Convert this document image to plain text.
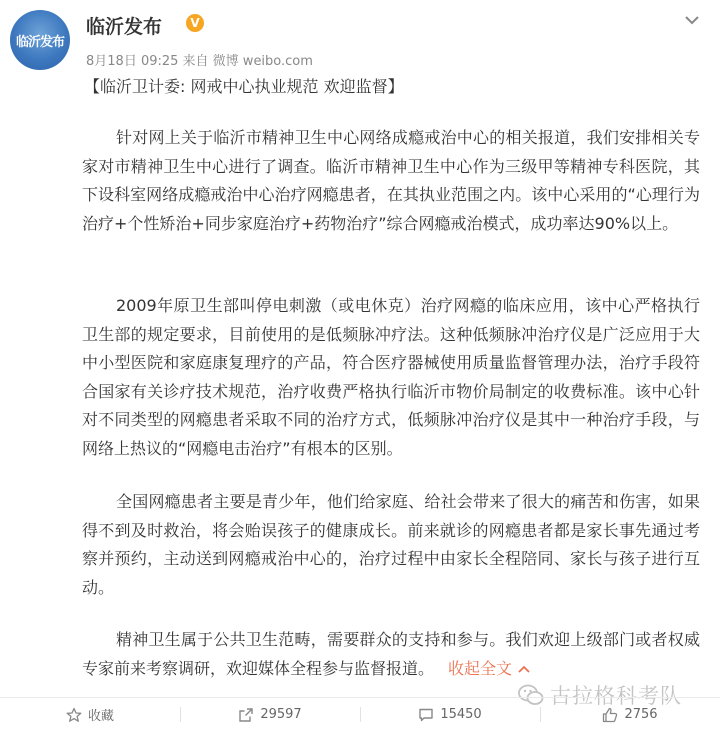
临沂发布
临沂发布	V
8月18日 09:25 来自 微博 weibo.com
【临沂卫计委: 网戒中心执业规范 欢迎监督】

针对网上关于临沂市精神卫生中心网络成瘾戒治中心的相关报道，我们安排相关专家对市精神卫生中心进行了调查。临沂市精神卫生中心作为三级甲等精神专科医院，其下设科室网络成瘾戒治中心治疗网瘾患者，在其执业范围之内。该中心采用的“心理行为治疗+个性矫治+同步家庭治疗+药物治疗”综合网瘾戒治模式，成功率达90%以上。

2009年原卫生部叫停电刺激（或电休克）治疗网瘾的临床应用，该中心严格执行卫生部的规定要求，目前使用的是低频脉冲疗法。这种低频脉冲治疗仪是广泛应用于大中小型医院和家庭康复理疗的产品，符合医疗器械使用质量监督管理办法，治疗手段符合国家有关诊疗技术规范，治疗收费严格执行临沂市物价局制定的收费标准。该中心针对不同类型的网瘾患者采取不同的治疗方式，低频脉冲治疗仪是其中一种治疗手段，与网络上热议的“网瘾电击治疗”有根本的区别。

全国网瘾患者主要是青少年，他们给家庭、给社会带来了很大的痛苦和伤害，如果得不到及时救治，将会贻误孩子的健康成长。前来就诊的网瘾患者都是家长事先通过考察并预约，主动送到网瘾戒治中心的，治疗过程中由家长全程陪同、家长与孩子进行互动。

精神卫生属于公共卫生范畴，需要群众的支持和参与。我们欢迎上级部门或者权威专家前来考察调研，欢迎媒体全程参与监督报道。 收起全文

古拉格科考队
收藏	29597	15450	2756
